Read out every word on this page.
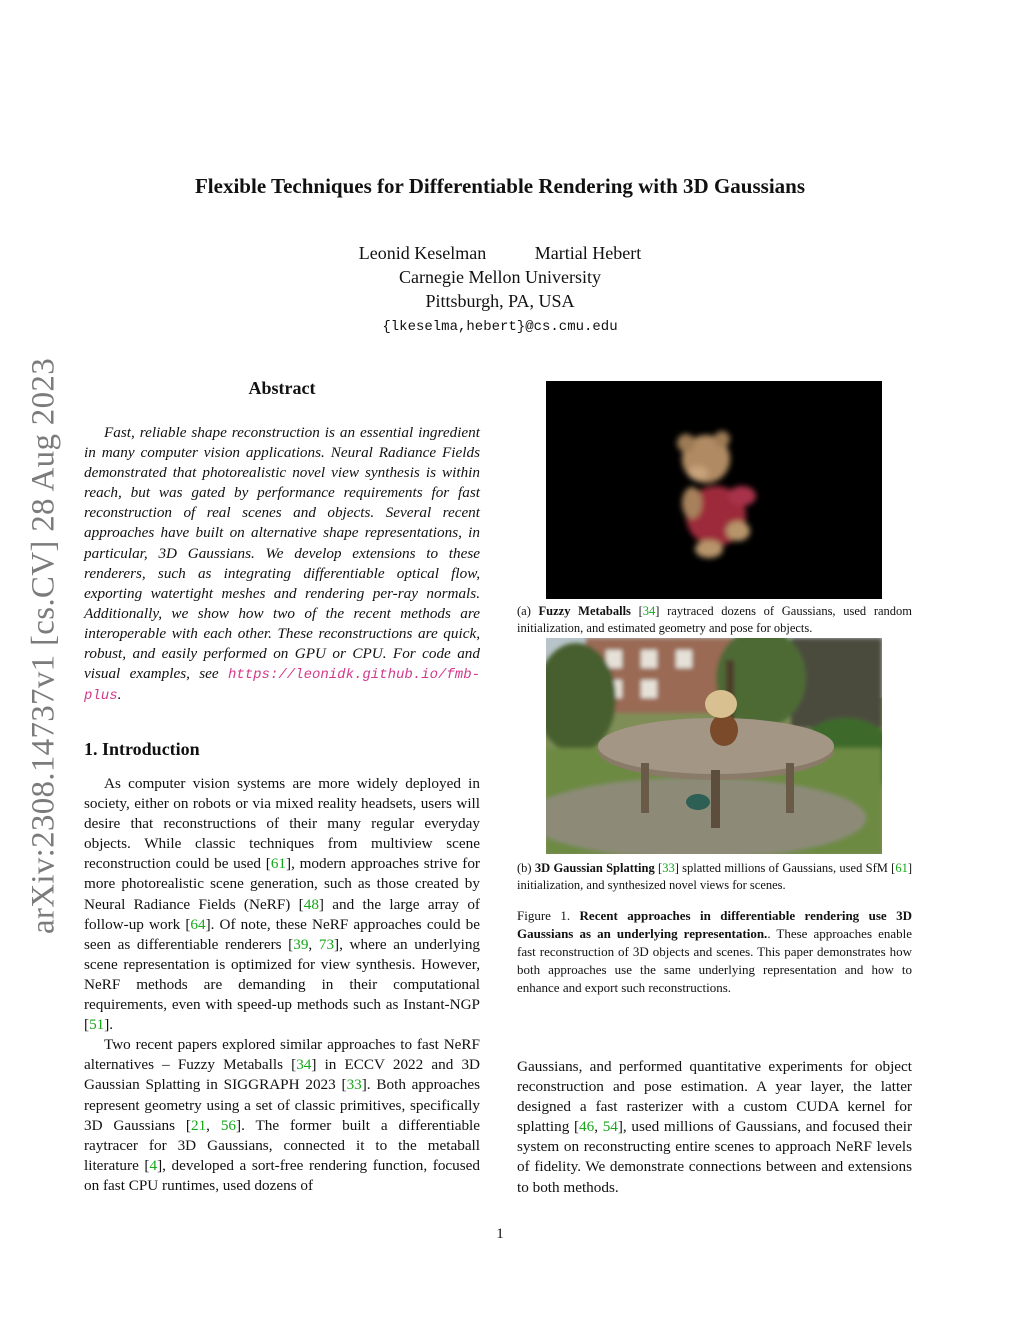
arXiv:2308.14737v1 [cs.CV] 28 Aug 2023
Flexible Techniques for Differentiable Rendering with 3D Gaussians
Leonid Keselman	Martial Hebert
Carnegie Mellon University
Pittsburgh, PA, USA
{lkeselma,hebert}@cs.cmu.edu
Abstract

Fast, reliable shape reconstruction is an essential ingredient in many computer vision applications. Neural Radiance Fields demonstrated that photorealistic novel view synthesis is within reach, but was gated by performance requirements for fast reconstruction of real scenes and objects. Several recent approaches have built on alternative shape representations, in particular, 3D Gaussians. We develop extensions to these renderers, such as integrating differentiable optical flow, exporting watertight meshes and rendering per-ray normals. Additionally, we show how two of the recent methods are interoperable with each other. These reconstructions are quick, robust, and easily performed on GPU or CPU. For code and visual examples, see https://leonidk.github.io/fmb-plus.

1. Introduction

As computer vision systems are more widely deployed in society, either on robots or via mixed reality headsets, users will desire that reconstructions of their many regular everyday objects. While classic techniques from multiview scene reconstruction could be used [61], modern approaches strive for more photorealistic scene generation, such as those created by Neural Radiance Fields (NeRF) [48] and the large array of follow-up work [64]. Of note, these NeRF approaches could be seen as differentiable renderers [39, 73], where an underlying scene representation is optimized for view synthesis. However, NeRF methods are demanding in their computational requirements, even with speed-up methods such as Instant-NGP [51].

Two recent papers explored similar approaches to fast NeRF alternatives – Fuzzy Metaballs [34] in ECCV 2022 and 3D Gaussian Splatting in SIGGRAPH 2023 [33]. Both approaches represent geometry using a set of classic primitives, specifically 3D Gaussians [21, 56]. The former built a differentiable raytracer for 3D Gaussians, connected it to the metaball literature [4], developed a sort-free rendering function, focused on fast CPU runtimes, used dozens of

(a) Fuzzy Metaballs [34] raytraced dozens of Gaussians, used random initialization, and estimated geometry and pose for objects.
(b) 3D Gaussian Splatting [33] splatted millions of Gaussians, used SfM [61] initialization, and synthesized novel views for scenes.
Figure 1. Recent approaches in differentiable rendering use 3D Gaussians as an underlying representation.. These approaches enable fast reconstruction of 3D objects and scenes. This paper demonstrates how both approaches use the same underlying representation and how to enhance and export such reconstructions.

Gaussians, and performed quantitative experiments for object reconstruction and pose estimation. A year layer, the latter designed a fast rasterizer with a custom CUDA kernel for splatting [46, 54], used millions of Gaussians, and focused their system on reconstructing entire scenes to approach NeRF levels of fidelity. We demonstrate connections between and extensions to both methods.

1
